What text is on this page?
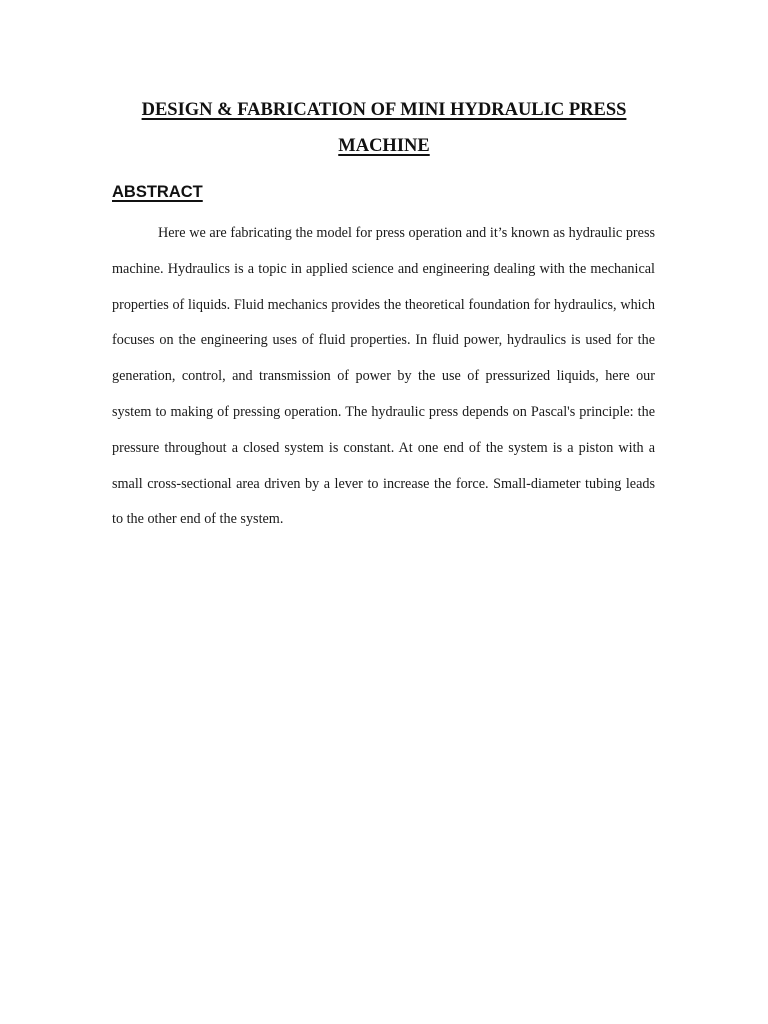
DESIGN & FABRICATION OF MINI HYDRAULIC PRESS MACHINE
ABSTRACT

Here we are fabricating the model for press operation and it’s known as hydraulic press machine. Hydraulics is a topic in applied science and engineering dealing with the mechanical properties of liquids. Fluid mechanics provides the theoretical foundation for hydraulics, which focuses on the engineering uses of fluid properties. In fluid power, hydraulics is used for the generation, control, and transmission of power by the use of pressurized liquids, here our system to making of pressing operation. The hydraulic press depends on Pascal's principle: the pressure throughout a closed system is constant. At one end of the system is a piston with a small cross-sectional area driven by a lever to increase the force. Small-diameter tubing leads to the other end of the system.
